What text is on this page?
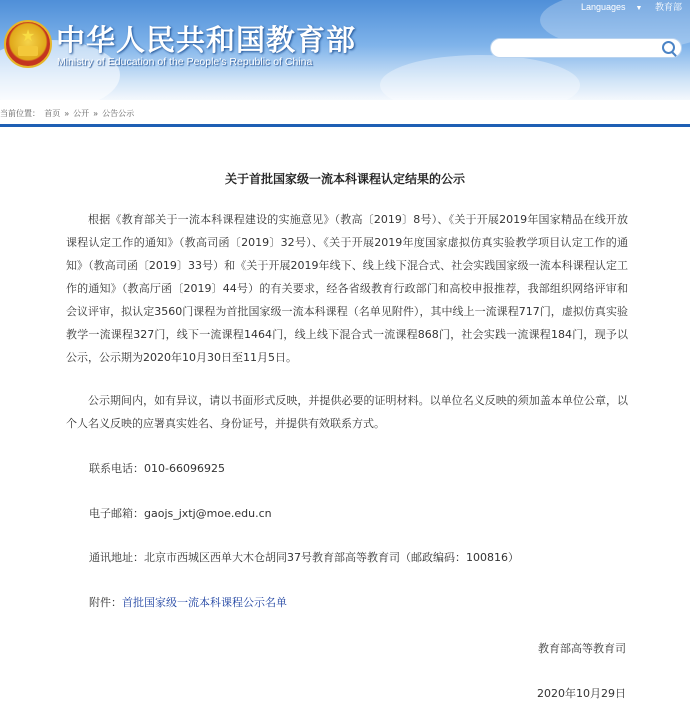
★ 中华人民共和国教育部
Ministry of Education of the People's Republic of China
Languages ▼ 教育部
当前位置： 首页 » 公开 » 公告公示
关于首批国家级一流本科课程认定结果的公示

根据《教育部关于一流本科课程建设的实施意见》（教高〔2019〕8号）、《关于开展2019年国家精品在线开放课程认定工作的通知》（教高司函〔2019〕32号）、《关于开展2019年度国家虚拟仿真实验教学项目认定工作的通知》（教高司函〔2019〕33号）和《关于开展2019年线下、线上线下混合式、社会实践国家级一流本科课程认定工作的通知》（教高厅函〔2019〕44号）的有关要求，经各省级教育行政部门和高校申报推荐，我部组织网络评审和会议评审，拟认定3560门课程为首批国家级一流本科课程（名单见附件），其中线上一流课程717门，虚拟仿真实验教学一流课程327门，线下一流课程1464门，线上线下混合式一流课程868门，社会实践一流课程184门，现予以公示，公示期为2020年10月30日至11月5日。

公示期间内，如有异议，请以书面形式反映，并提供必要的证明材料。以单位名义反映的须加盖本单位公章，以个人名义反映的应署真实姓名、身份证号，并提供有效联系方式。

联系电话：010-66096925
电子邮箱：gaojs_jxtj@moe.edu.cn
通讯地址：北京市西城区西单大木仓胡同37号教育部高等教育司（邮政编码：100816）
附件：首批国家级一流本科课程公示名单
教育部高等教育司
2020年10月29日
